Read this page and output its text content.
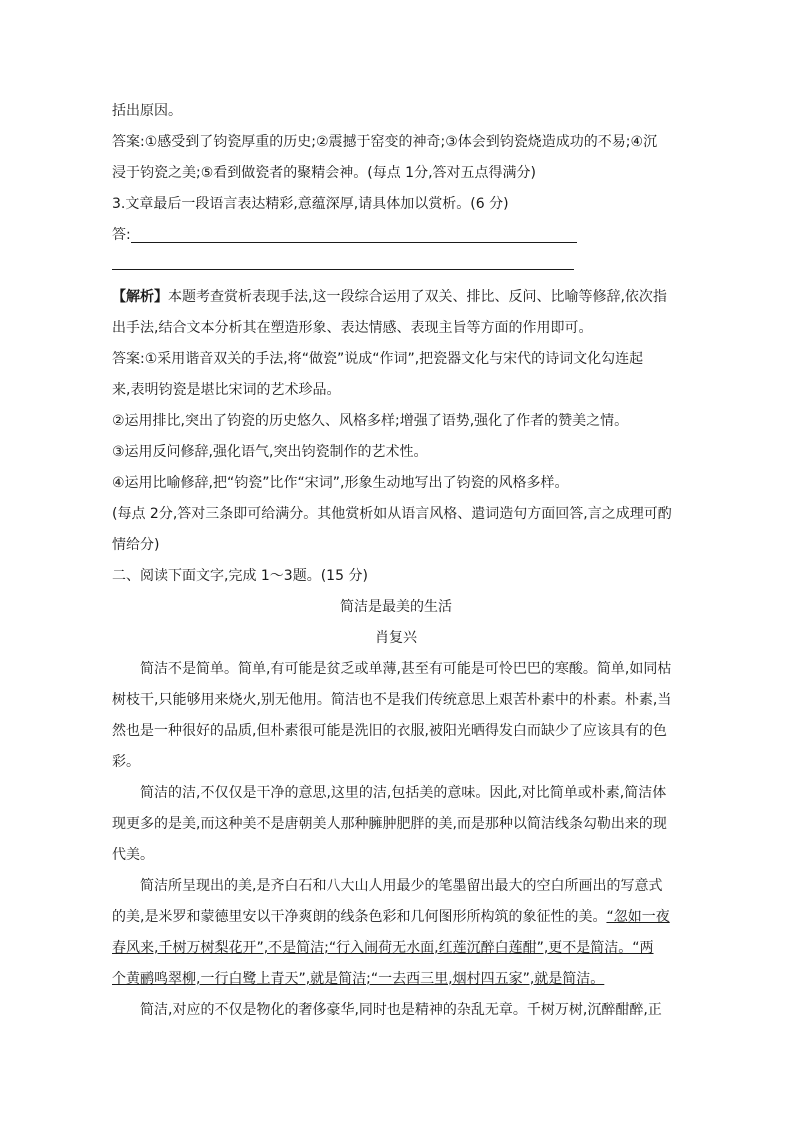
括出原因。
答案:①感受到了钧瓷厚重的历史;②震撼于窑变的神奇;③体会到钧瓷烧造成功的不易;④沉
浸于钧瓷之美;⑤看到做瓷者的聚精会神。(每点 1分,答对五点得满分)
3.文章最后一段语言表达精彩,意蕴深厚,请具体加以赏析。(6 分)
答:
【解析】本题考查赏析表现手法,这一段综合运用了双关、排比、反问、比喻等修辞,依次指
出手法,结合文本分析其在塑造形象、表达情感、表现主旨等方面的作用即可。
答案:①采用谐音双关的手法,将“做瓷”说成“作词”,把瓷器文化与宋代的诗词文化勾连起
来,表明钧瓷是堪比宋词的艺术珍品。
②运用排比,突出了钧瓷的历史悠久、风格多样;增强了语势,强化了作者的赞美之情。
③运用反问修辞,强化语气,突出钧瓷制作的艺术性。
④运用比喻修辞,把“钧瓷”比作“宋词”,形象生动地写出了钧瓷的风格多样。
(每点 2分,答对三条即可给满分。其他赏析如从语言风格、遣词造句方面回答,言之成理可酌
情给分)
二、阅读下面文字,完成 1～3题。(15 分)
简洁是最美的生活
肖复兴
简洁不是简单。简单,有可能是贫乏或单薄,甚至有可能是可怜巴巴的寒酸。简单,如同枯
树枝干,只能够用来烧火,别无他用。简洁也不是我们传统意思上艰苦朴素中的朴素。朴素,当
然也是一种很好的品质,但朴素很可能是洗旧的衣服,被阳光晒得发白而缺少了应该具有的色
彩。
简洁的洁,不仅仅是干净的意思,这里的洁,包括美的意味。因此,对比简单或朴素,简洁体
现更多的是美,而这种美不是唐朝美人那种臃肿肥胖的美,而是那种以简洁线条勾勒出来的现
代美。
简洁所呈现出的美,是齐白石和八大山人用最少的笔墨留出最大的空白所画出的写意式
的美,是米罗和蒙德里安以干净爽朗的线条色彩和几何图形所构筑的象征性的美。“忽如一夜
春风来,千树万树梨花开”,不是简洁;“行入闹荷无水面,红莲沉醉白莲酣”,更不是简洁。“两
个黄鹂鸣翠柳,一行白鹭上青天”,就是简洁;“一去西三里,烟村四五家”,就是简洁。
简洁,对应的不仅是物化的奢侈豪华,同时也是精神的杂乱无章。千树万树,沉醉酣醉,正
